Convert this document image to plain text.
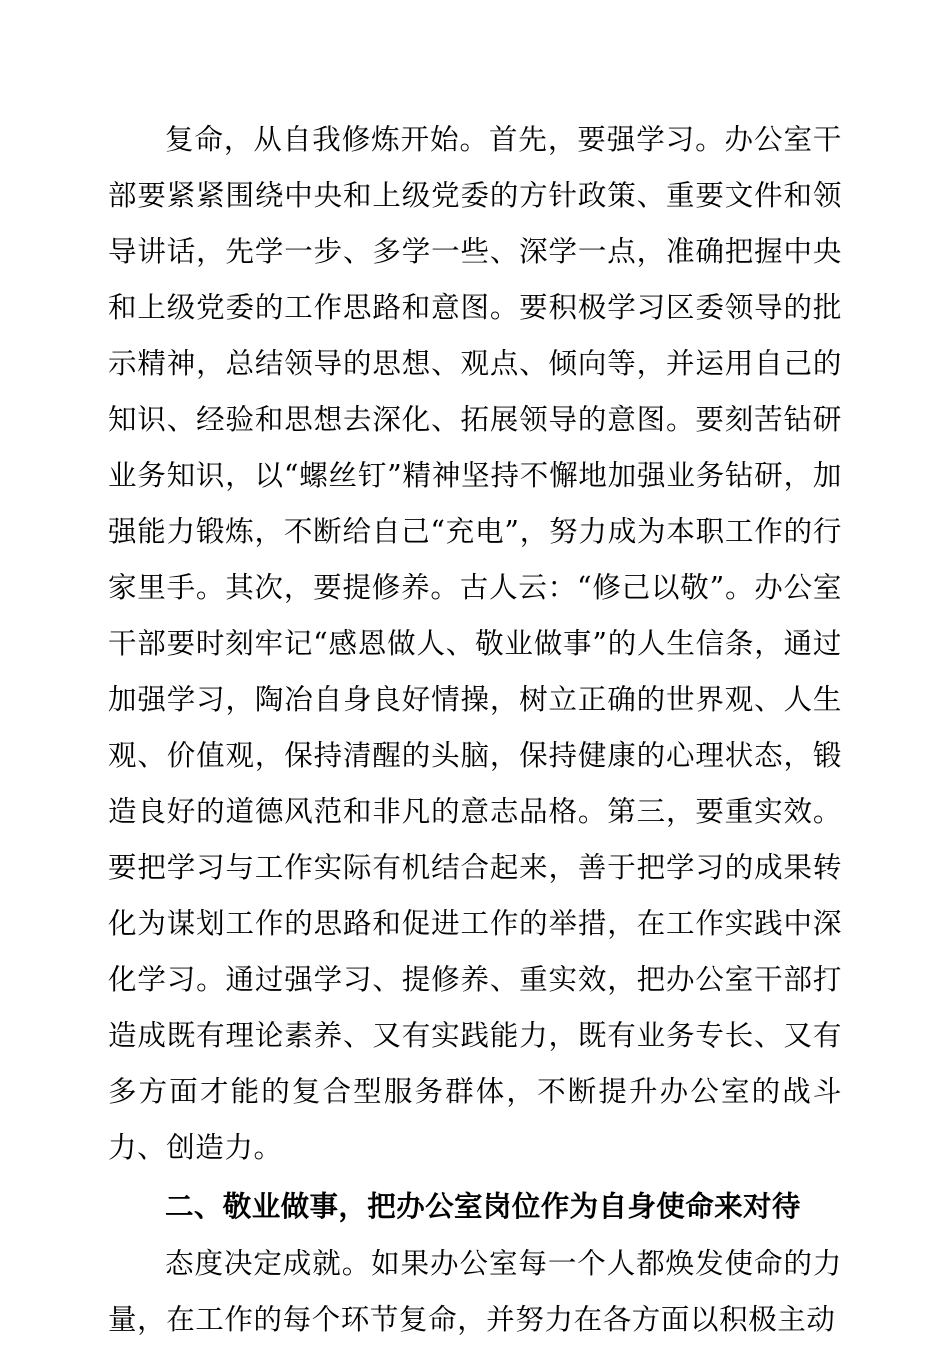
复命，从自我修炼开始。首先，要强学习。办公室干部要紧紧围绕中央和上级党委的方针政策、重要文件和领导讲话，先学一步、多学一些、深学一点，准确把握中央和上级党委的工作思路和意图。要积极学习区委领导的批示精神，总结领导的思想、观点、倾向等，并运用自己的知识、经验和思想去深化、拓展领导的意图。要刻苦钻研业务知识，以“螺丝钉”精神坚持不懈地加强业务钻研，加强能力锻炼，不断给自己“充电”，努力成为本职工作的行家里手。其次，要提修养。古人云：“修己以敬”。办公室干部要时刻牢记“感恩做人、敬业做事”的人生信条，通过加强学习，陶冶自身良好情操，树立正确的世界观、人生观、价值观，保持清醒的头脑，保持健康的心理状态，锻造良好的道德风范和非凡的意志品格。第三，要重实效。要把学习与工作实际有机结合起来，善于把学习的成果转化为谋划工作的思路和促进工作的举措，在工作实践中深化学习。通过强学习、提修养、重实效，把办公室干部打造成既有理论素养、又有实践能力，既有业务专长、又有多方面才能的复合型服务群体，不断提升办公室的战斗力、创造力。

二、敬业做事，把办公室岗位作为自身使命来对待

态度决定成就。如果办公室每一个人都焕发使命的力量，在工作的每个环节复命，并努力在各方面以积极主动
